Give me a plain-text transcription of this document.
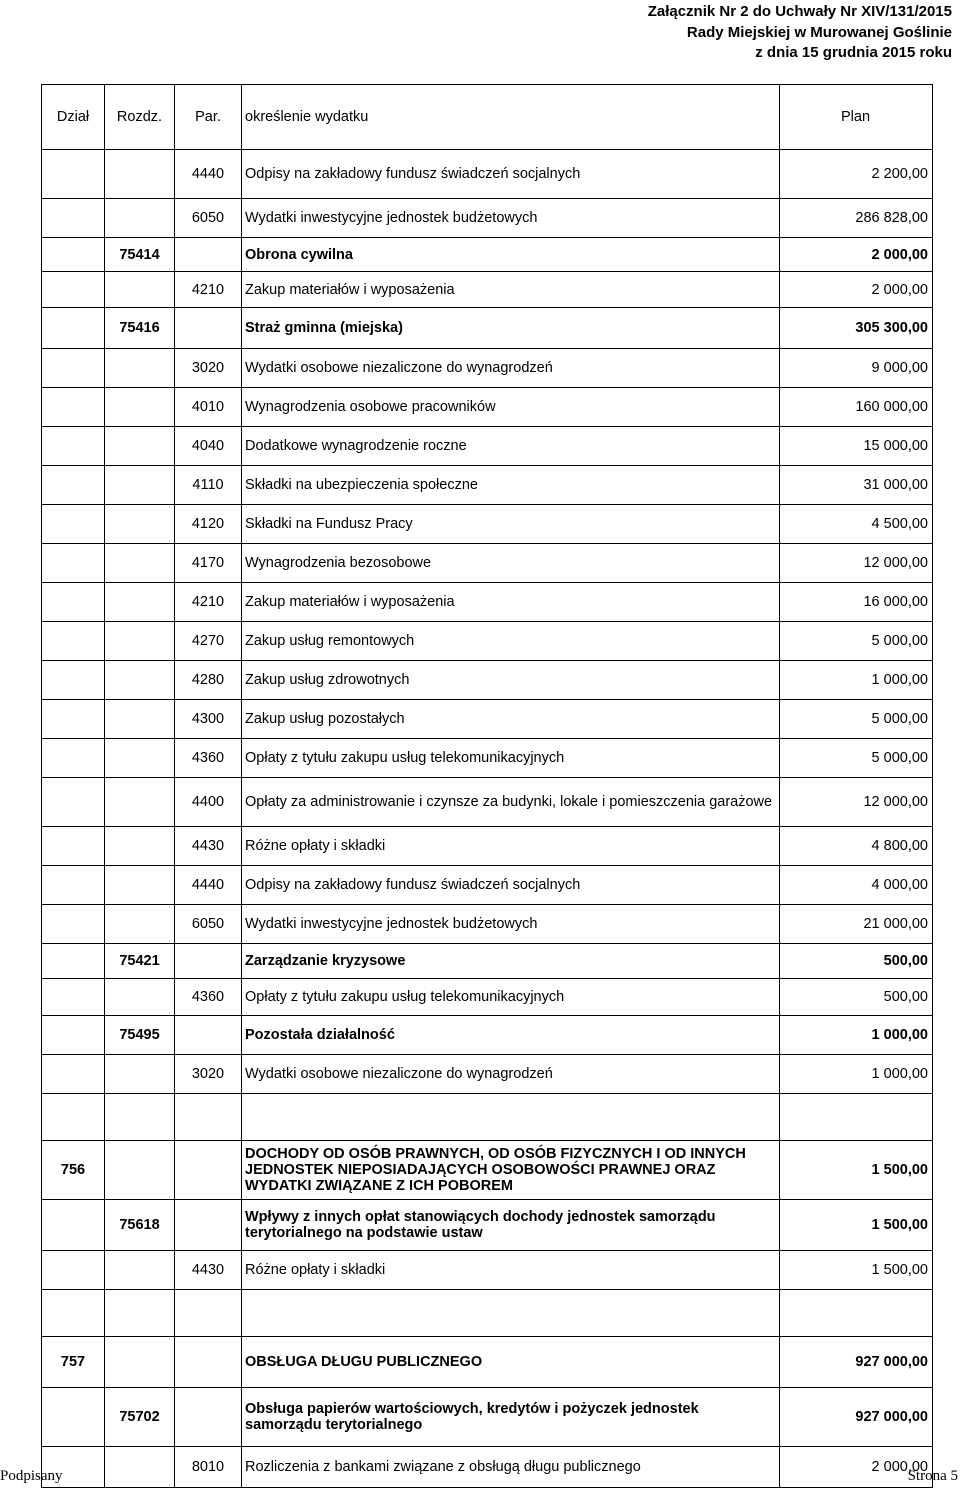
Załącznik Nr 2 do Uchwały Nr XIV/131/2015
Rady Miejskiej w Murowanej Goślinie
z dnia 15 grudnia 2015 roku
Dział	Rozdz.	Par.	określenie wydatku	Plan
		4440	Odpisy na zakładowy fundusz świadczeń socjalnych	2 200,00
		6050	Wydatki inwestycyjne jednostek budżetowych	286 828,00
	75414		Obrona cywilna	2 000,00
		4210	Zakup materiałów i wyposażenia	2 000,00
	75416		Straż gminna (miejska)	305 300,00
		3020	Wydatki osobowe niezaliczone do wynagrodzeń	9 000,00
		4010	Wynagrodzenia osobowe pracowników	160 000,00
		4040	Dodatkowe wynagrodzenie roczne	15 000,00
		4110	Składki na ubezpieczenia społeczne	31 000,00
		4120	Składki na Fundusz Pracy	4 500,00
		4170	Wynagrodzenia bezosobowe	12 000,00
		4210	Zakup materiałów i wyposażenia	16 000,00
		4270	Zakup usług remontowych	5 000,00
		4280	Zakup usług zdrowotnych	1 000,00
		4300	Zakup usług pozostałych	5 000,00
		4360	Opłaty z tytułu zakupu usług telekomunikacyjnych	5 000,00
		4400	Opłaty za administrowanie i czynsze za budynki, lokale i pomieszczenia garażowe	12 000,00
		4430	Różne opłaty i składki	4 800,00
		4440	Odpisy na zakładowy fundusz świadczeń socjalnych	4 000,00
		6050	Wydatki inwestycyjne jednostek budżetowych	21 000,00
	75421		Zarządzanie kryzysowe	500,00
		4360	Opłaty z tytułu zakupu usług telekomunikacyjnych	500,00
	75495		Pozostała działalność	1 000,00
		3020	Wydatki osobowe niezaliczone do wynagrodzeń	1 000,00

756			DOCHODY OD OSÓB PRAWNYCH, OD OSÓB FIZYCZNYCH I OD INNYCH JEDNOSTEK NIEPOSIADAJĄCYCH OSOBOWOŚCI PRAWNEJ ORAZ WYDATKI ZWIĄZANE Z ICH POBOREM	1 500,00
	75618		Wpływy z innych opłat stanowiących dochody jednostek samorządu terytorialnego na podstawie ustaw	1 500,00
		4430	Różne opłaty i składki	1 500,00

757			OBSŁUGA DŁUGU PUBLICZNEGO	927 000,00
	75702		Obsługa papierów wartościowych, kredytów i pożyczek jednostek samorządu terytorialnego	927 000,00
		8010	Rozliczenia z bankami związane z obsługą długu publicznego	2 000,00
Podpisany	Strona 5
